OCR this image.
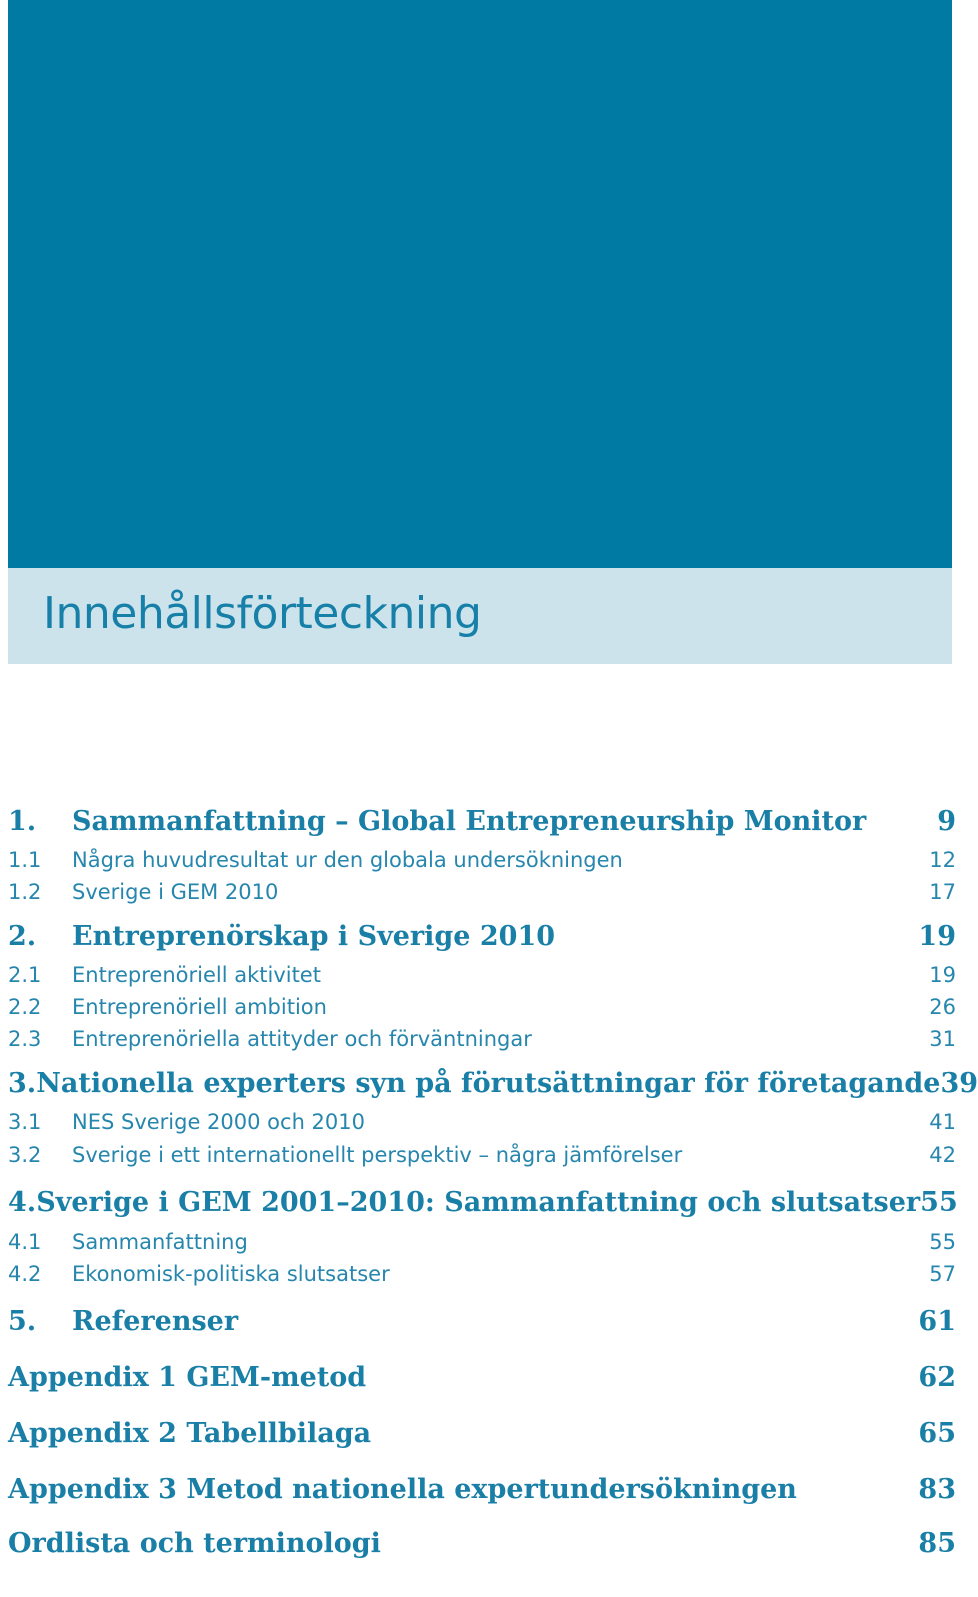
Innehållsförteckning
1.	Sammanfattning – Global Entrepreneurship Monitor	9
1.1	Några huvudresultat ur den globala undersökningen	12
1.2	Sverige i GEM 2010	17
2.	Entreprenörskap i Sverige 2010	19
2.1	Entreprenöriell aktivitet	19
2.2	Entreprenöriell ambition	26
2.3	Entreprenöriella attityder och förväntningar	31
3. Nationella experters syn på förutsättningar för företagande 39
3.1	NES Sverige 2000 och 2010	41
3.2	Sverige i ett internationellt perspektiv – några jämförelser	42
4. Sverige i GEM 2001–2010: Sammanfattning och slutsatser 55
4.1	Sammanfattning	55
4.2	Ekonomisk-politiska slutsatser	57
5.	Referenser	61
Appendix 1 GEM-metod	62
Appendix 2 Tabellbilaga	65
Appendix 3 Metod nationella expertundersökningen	83
Ordlista och terminologi	85
